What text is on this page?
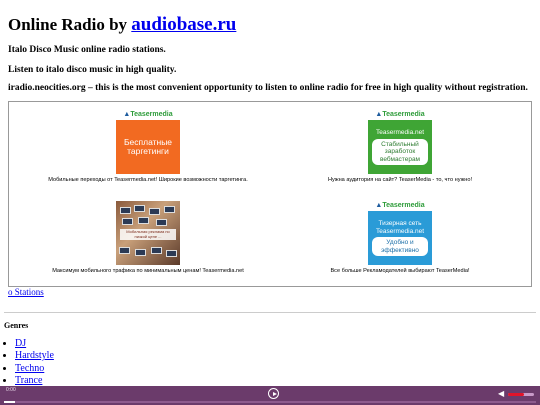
Online Radio by audiobase.ru
Italo Disco Music online radio stations.
Listen to italo disco music in high quality.
iradio.neocities.org – this is the most convenient opportunity to listen to online radio for free in high quality without registration.
▲Teasermedia
Бесплатные таргетинги
Мобильные переходы от Teasermedia.net! Широкие возможности таргетинга.
▲Teasermedia
Teasermedia.net
Стабильный заработок вебмастерам
Нужна аудитория на сайт? TeaserMedia - то, что нужно!
Мобильная реклама по низкой цене ...
Максимум мобильного трафика по минимальным ценам! Teasermedia.net
▲Teasermedia
Тизерная сеть Teasermedia.net
Удобно и эффективно
Все больше Рекламодателей выбирают TeaserMedia!
o Stations
Genres
• DJ
• Hardstyle
• Techno
• Trance
0:00	◀
